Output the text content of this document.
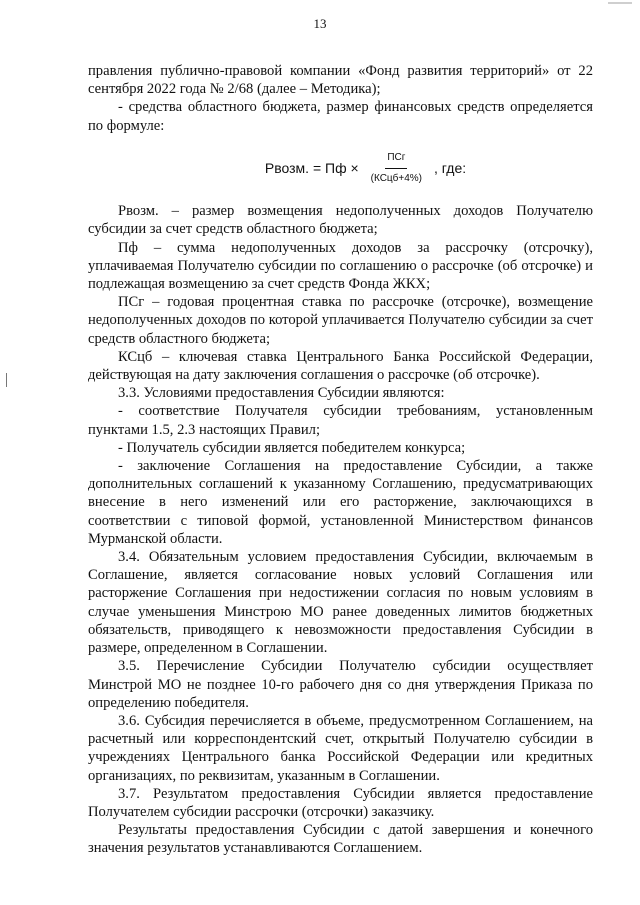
13

правления публично-правовой компании «Фонд развития территорий» от 22 сентября 2022 года № 2/68 (далее – Методика);

- средства областного бюджета, размер финансовых средств определяется по формуле:

Рвозм. = Пф × $\frac{\text{ПСг}}{\text{(КСцб+4\%)}}$ , где:

Рвозм. – размер возмещения недополученных доходов Получателю субсидии за счет средств областного бюджета;

Пф – сумма недополученных доходов за рассрочку (отсрочку), уплачиваемая Получателю субсидии по соглашению о рассрочке (об отсрочке) и подлежащая возмещению за счет средств Фонда ЖКХ;

ПСг – годовая процентная ставка по рассрочке (отсрочке), возмещение недополученных доходов по которой уплачивается Получателю субсидии за счет средств областного бюджета;

КСцб – ключевая ставка Центрального Банка Российской Федерации, действующая на дату заключения соглашения о рассрочке (об отсрочке).

3.3. Условиями предоставления Субсидии являются:

- соответствие Получателя субсидии требованиям, установленным пунктами 1.5, 2.3 настоящих Правил;

- Получатель субсидии является победителем конкурса;

- заключение Соглашения на предоставление Субсидии, а также дополнительных соглашений к указанному Соглашению, предусматривающих внесение в него изменений или его расторжение, заключающихся в соответствии с типовой формой, установленной Министерством финансов Мурманской области.

3.4. Обязательным условием предоставления Субсидии, включаемым в Соглашение, является согласование новых условий Соглашения или расторжение Соглашения при недостижении согласия по новым условиям в случае уменьшения Минстрою МО ранее доведенных лимитов бюджетных обязательств, приводящего к невозможности предоставления Субсидии в размере, определенном в Соглашении.

3.5. Перечисление Субсидии Получателю субсидии осуществляет Минстрой МО не позднее 10-го рабочего дня со дня утверждения Приказа по определению победителя.

3.6. Субсидия перечисляется в объеме, предусмотренном Соглашением, на расчетный или корреспондентский счет, открытый Получателю субсидии в учреждениях Центрального банка Российской Федерации или кредитных организациях, по реквизитам, указанным в Соглашении.

3.7. Результатом предоставления Субсидии является предоставление Получателем субсидии рассрочки (отсрочки) заказчику.

Результаты предоставления Субсидии с датой завершения и конечного значения результатов устанавливаются Соглашением.
